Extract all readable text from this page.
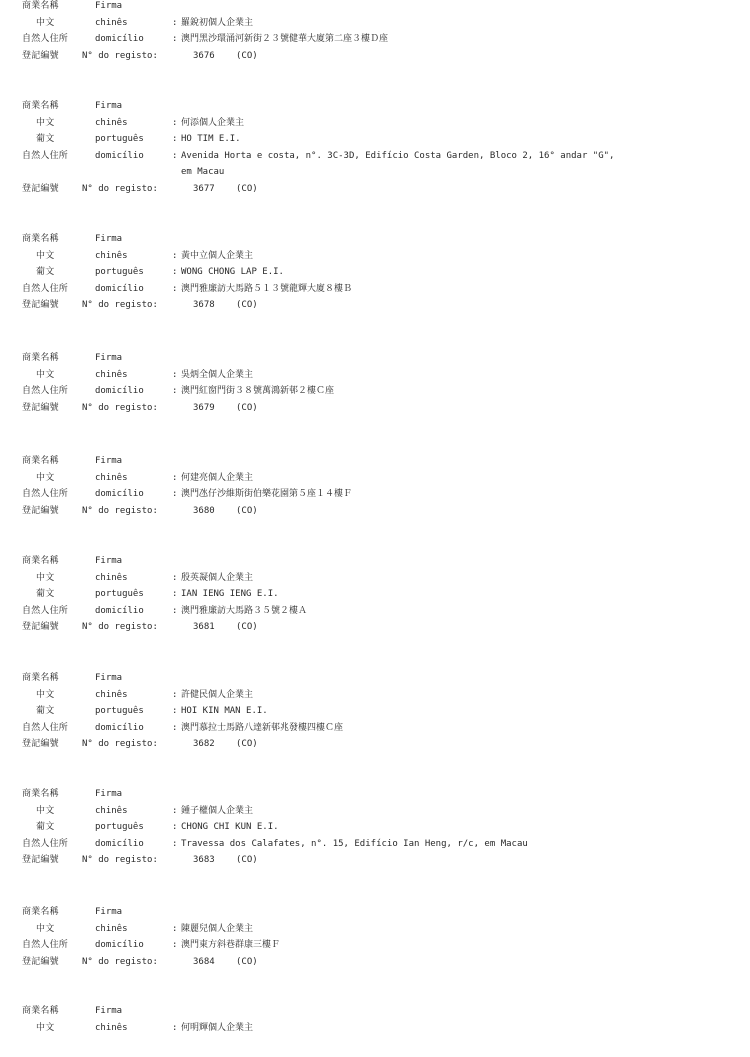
商業名稱	Firma
中文	chinês	: 羅銳初個人企業主
自然人住所	domicílio	: 澳門黑沙環涌河新街２３號健華大廈第二座３樓Ｄ座
登記編號	N° do registo:	3676 (CO)
商業名稱	Firma
中文	chinês	: 何添個人企業主
葡文	português	: HO TIM E.I.
自然人住所	domicílio	: Avenida Horta e costa, n°. 3C-3D, Edifício Costa Garden, Bloco 2, 16° andar "G",
em Macau
登記編號	N° do registo:	3677 (CO)
商業名稱	Firma
中文	chinês	: 黃中立個人企業主
葡文	português	: WONG CHONG LAP E.I.
自然人住所	domicílio	: 澳門雅廉訪大馬路５１３號龍輝大廈８樓Ｂ
登記編號	N° do registo:	3678 (CO)
商業名稱	Firma
中文	chinês	: 吳炳全個人企業主
自然人住所	domicílio	: 澳門紅窗門街３８號萬鴻新邨２樓Ｃ座
登記編號	N° do registo:	3679 (CO)
商業名稱	Firma
中文	chinês	: 何建亮個人企業主
自然人住所	domicílio	: 澳門氹仔沙維斯街伯樂花園第５座１４樓Ｆ
登記編號	N° do registo:	3680 (CO)
商業名稱	Firma
中文	chinês	: 殷英凝個人企業主
葡文	português	: IAN IENG IENG E.I.
自然人住所	domicílio	: 澳門雅廉訪大馬路３５號２樓Ａ
登記編號	N° do registo:	3681 (CO)
商業名稱	Firma
中文	chinês	: 許健民個人企業主
葡文	português	: HOI KIN MAN E.I.
自然人住所	domicílio	: 澳門慕拉士馬路八達新邨兆發樓四樓Ｃ座
登記編號	N° do registo:	3682 (CO)
商業名稱	Firma
中文	chinês	: 鍾子權個人企業主
葡文	português	: CHONG CHI KUN E.I.
自然人住所	domicílio	: Travessa dos Calafates, n°. 15, Edifício Ian Heng, r/c, em Macau
登記編號	N° do registo:	3683 (CO)
商業名稱	Firma
中文	chinês	: 陳麗兒個人企業主
自然人住所	domicílio	: 澳門東方斜巷群康三樓Ｆ
登記編號	N° do registo:	3684 (CO)
商業名稱	Firma
中文	chinês	: 何明輝個人企業主
